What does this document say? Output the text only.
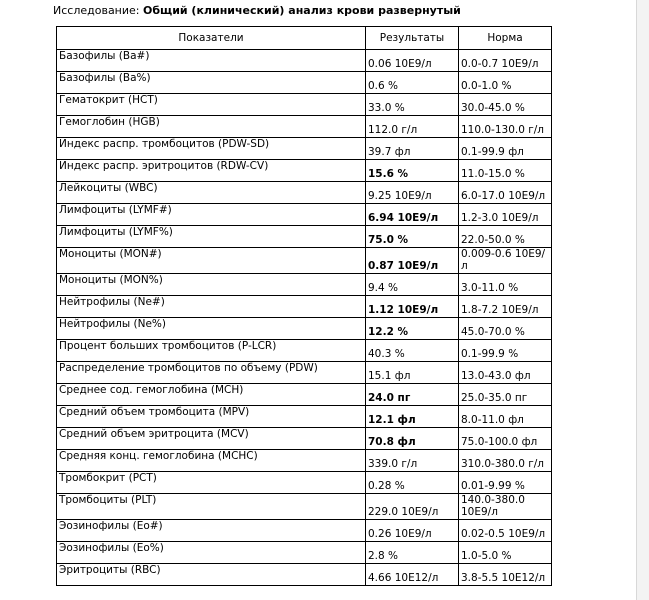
Исследование: Общий (клинический) анализ крови развернутый
Показатели	Результаты	Норма
Базофилы (Ba#)	0.06 10E9/л	0.0-0.7 10E9/л
Базофилы (Ba%)	0.6 %	0.0-1.0 %
Гематокрит (HCT)	33.0 %	30.0-45.0 %
Гемоглобин (HGB)	112.0 г/л	110.0-130.0 г/л
Индекс распр. тромбоцитов (PDW-SD)	39.7 фл	0.1-99.9 фл
Индекс распр. эритроцитов (RDW-CV)	15.6 %	11.0-15.0 %
Лейкоциты (WBC)	9.25 10E9/л	6.0-17.0 10E9/л
Лимфоциты (LYMF#)	6.94 10E9/л	1.2-3.0 10E9/л
Лимфоциты (LYMF%)	75.0 %	22.0-50.0 %
Моноциты (MON#)	0.87 10E9/л	0.009-0.6 10E9/л
Моноциты (MON%)	9.4 %	3.0-11.0 %
Нейтрофилы (Ne#)	1.12 10E9/л	1.8-7.2 10E9/л
Нейтрофилы (Ne%)	12.2 %	45.0-70.0 %
Процент больших тромбоцитов (P-LCR)	40.3 %	0.1-99.9 %
Распределение тромбоцитов по объему (PDW)	15.1 фл	13.0-43.0 фл
Среднее сод. гемоглобина (MCH)	24.0 пг	25.0-35.0 пг
Средний объем тромбоцита (MPV)	12.1 фл	8.0-11.0 фл
Средний объем эритроцита (MCV)	70.8 фл	75.0-100.0 фл
Средняя конц. гемоглобина (MCHC)	339.0 г/л	310.0-380.0 г/л
Тромбокрит (PCT)	0.28 %	0.01-9.99 %
Тромбоциты (PLT)	229.0 10E9/л	140.0-380.0 10E9/л
Эозинофилы (Eo#)	0.26 10E9/л	0.02-0.5 10E9/л
Эозинофилы (Eo%)	2.8 %	1.0-5.0 %
Эритроциты (RBC)	4.66 10E12/л	3.8-5.5 10E12/л
